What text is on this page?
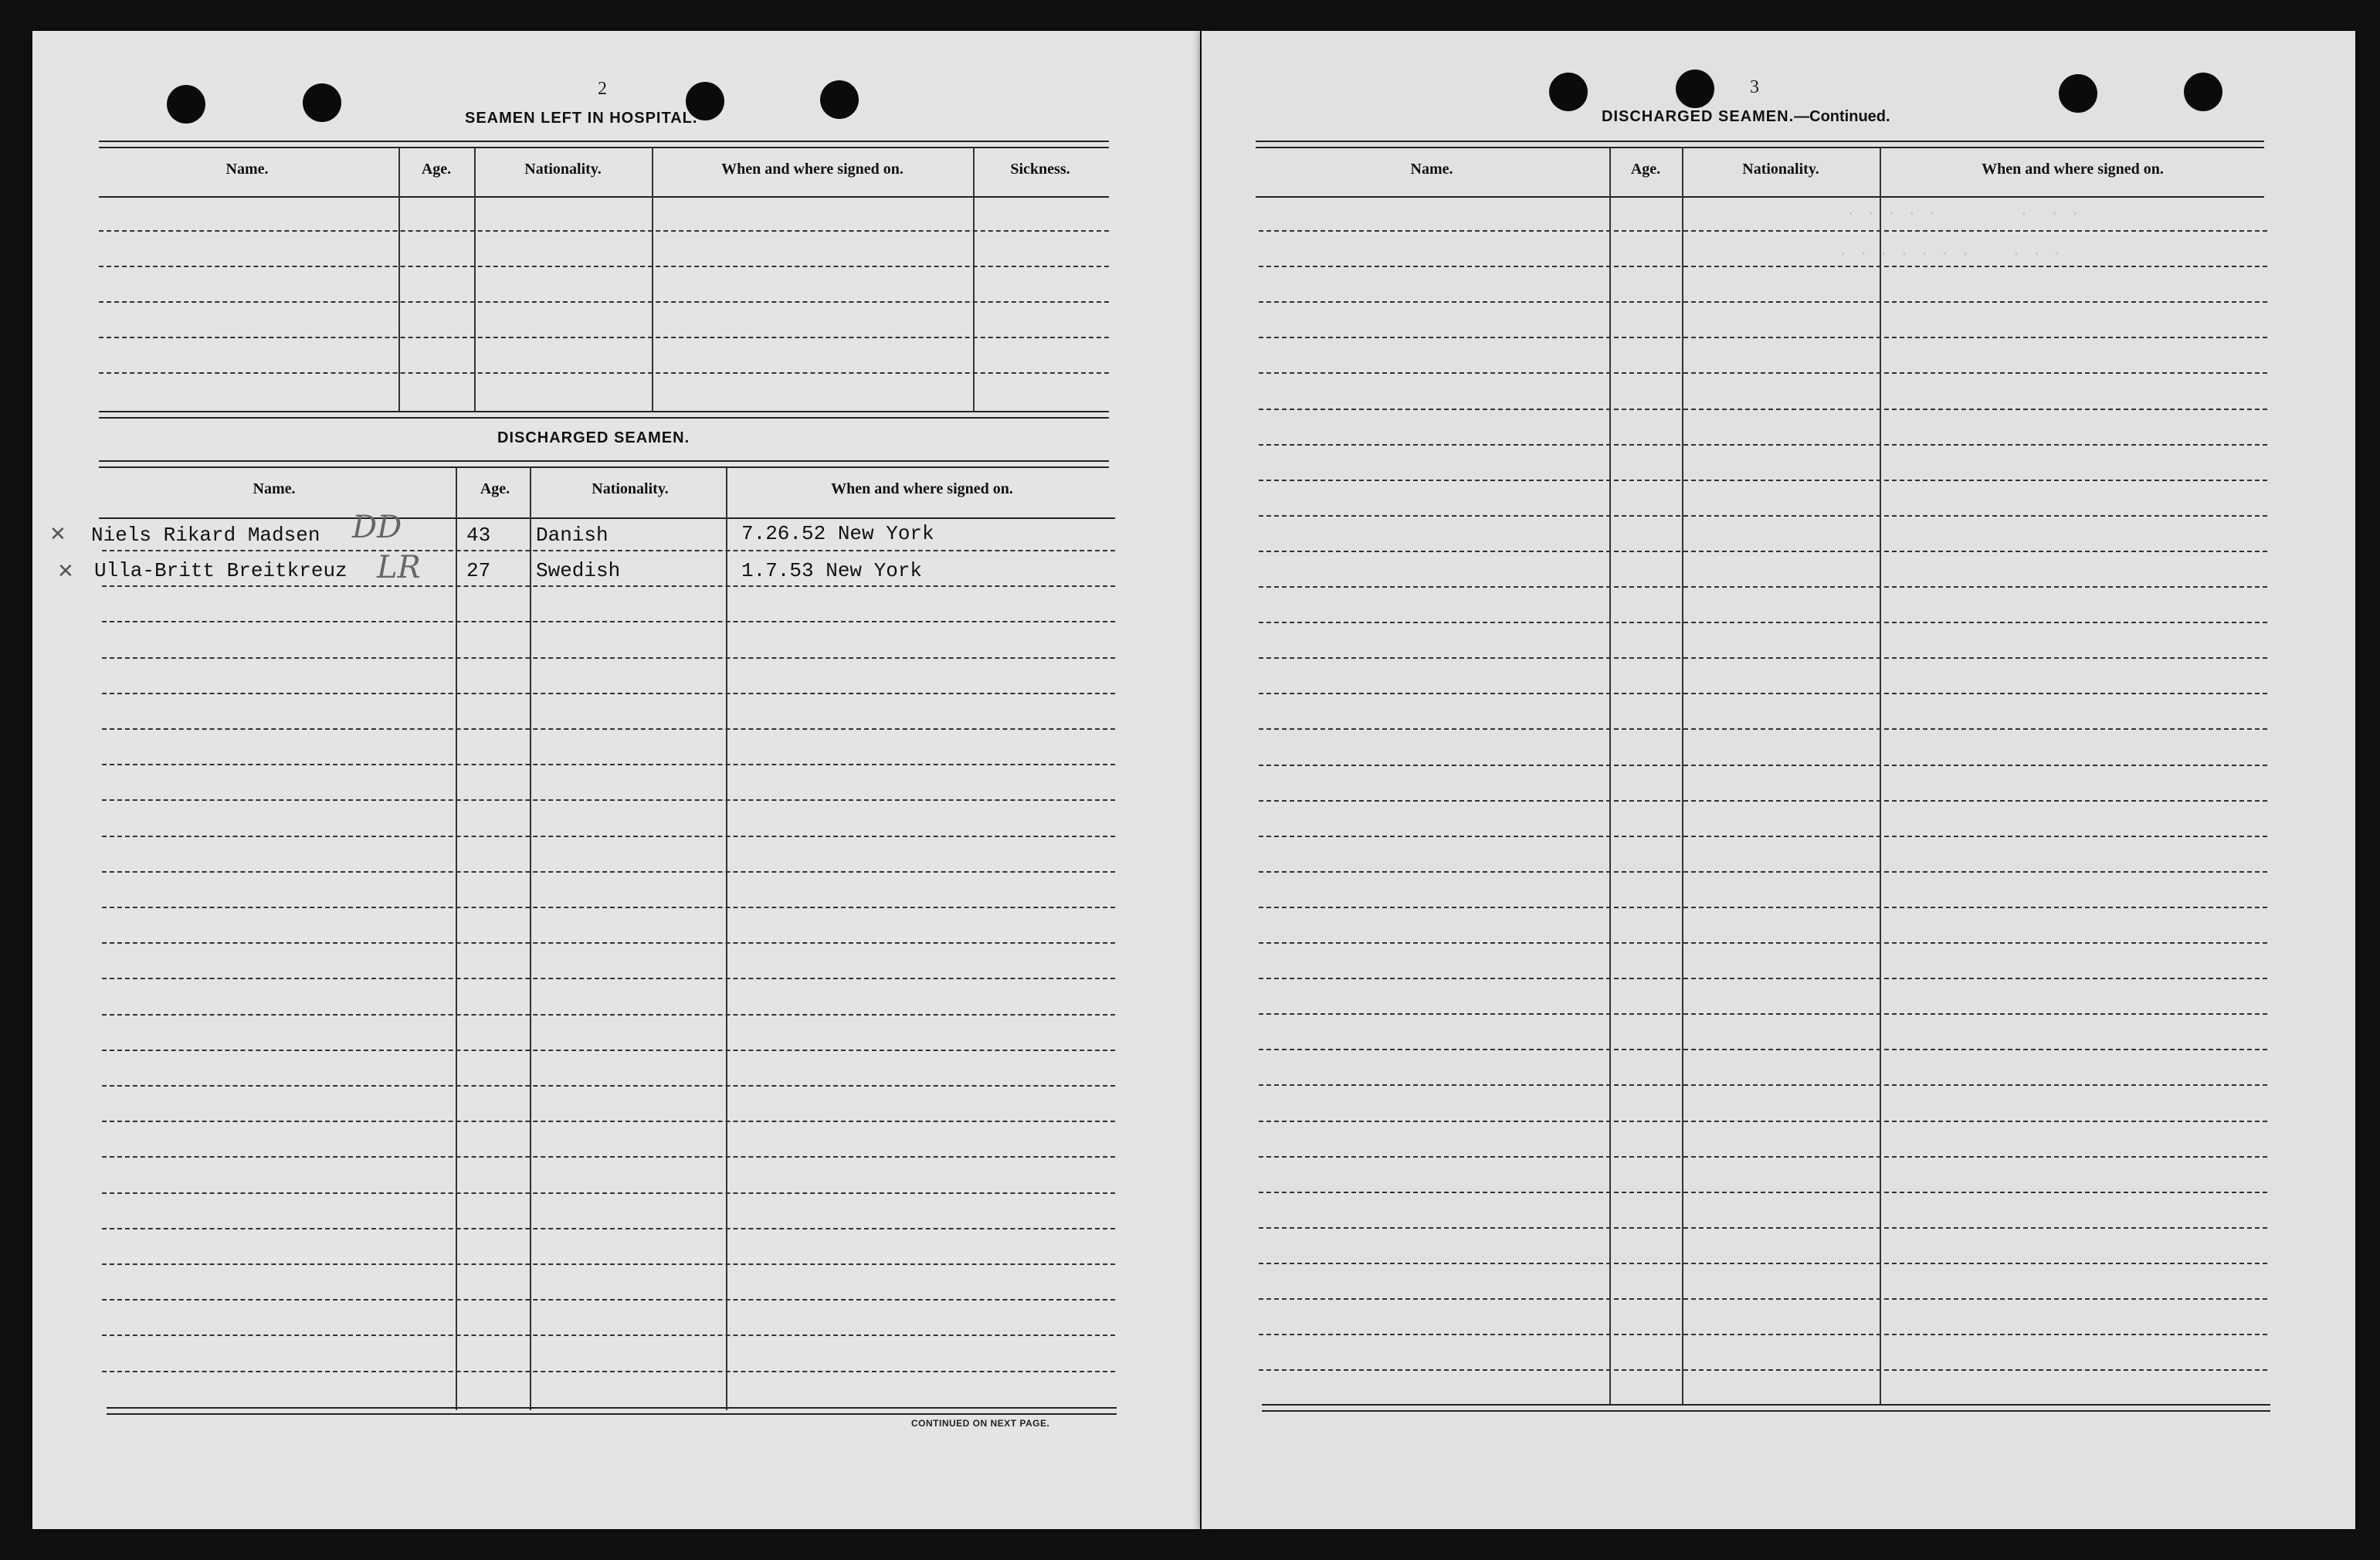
. . . . .        .  . .
. . . . . . .    . . .
2
SEAMEN LEFT IN HOSPITAL.
Name.	Age.	Nationality.	When and where signed on.	Sickness.
DISCHARGED SEAMEN.
Name.	Age.	Nationality.	When and where signed on.
✕ Niels Rikard Madsen DD	43 Danish	7.26.52 New York
✕ Ulla-Britt Breitkreuz LR 27 Swedish	1.7.53 New York
CONTINUED ON NEXT PAGE.
3
DISCHARGED SEAMEN.—Continued.
Name.	Age.	Nationality.	When and where signed on.
